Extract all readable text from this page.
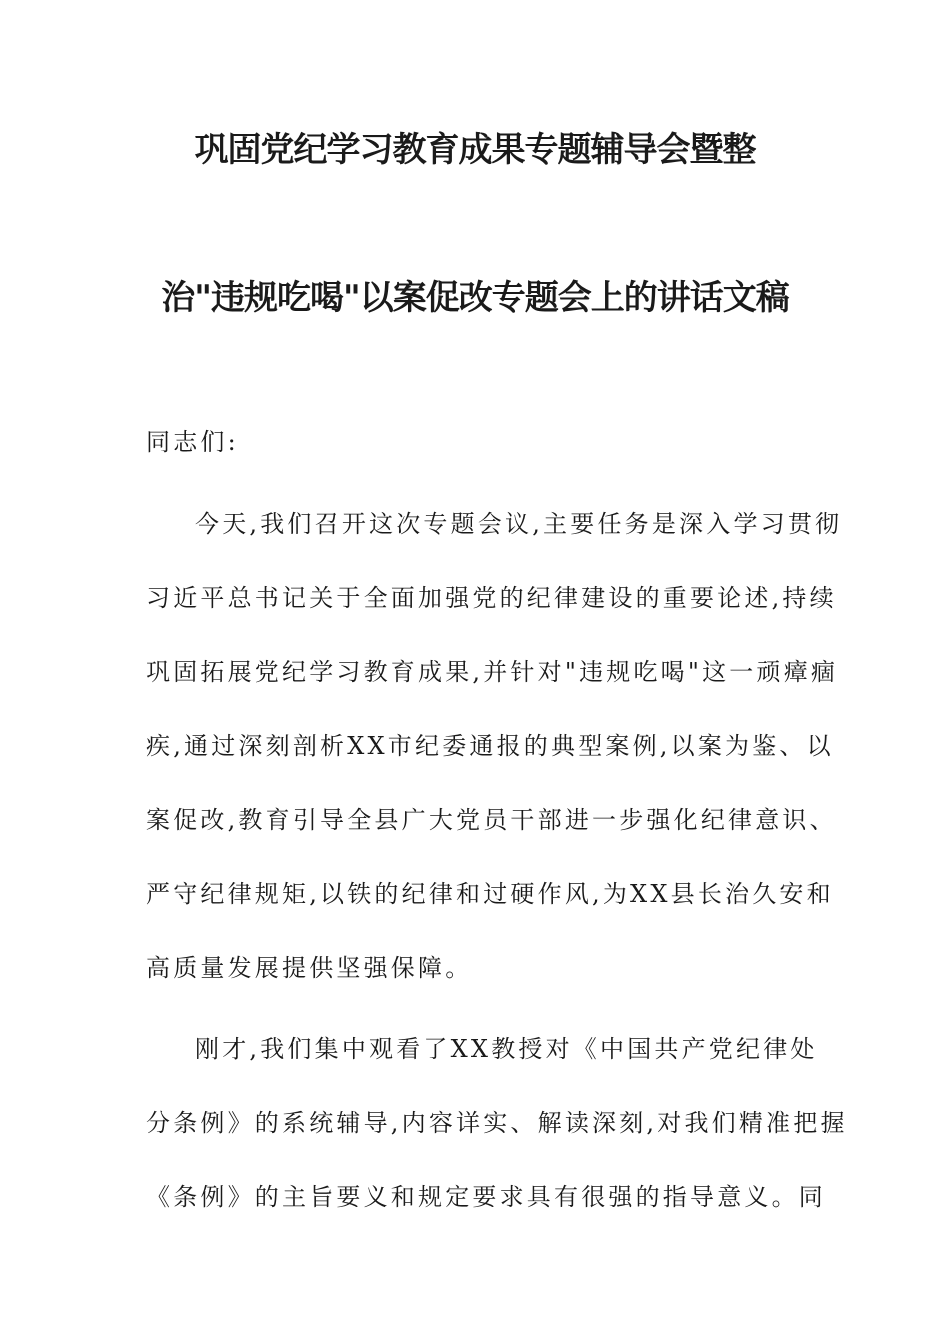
巩固党纪学习教育成果专题辅导会暨整
治"违规吃喝"以案促改专题会上的讲话文稿

同志们:

今天,我们召开这次专题会议,主要任务是深入学习贯彻

习近平总书记关于全面加强党的纪律建设的重要论述,持续

巩固拓展党纪学习教育成果,并针对"违规吃喝"这一顽瘴痼

疾,通过深刻剖析XX市纪委通报的典型案例,以案为鉴、以

案促改,教育引导全县广大党员干部进一步强化纪律意识、

严守纪律规矩,以铁的纪律和过硬作风,为XX县长治久安和

高质量发展提供坚强保障。

刚才,我们集中观看了XX教授对《中国共产党纪律处

分条例》的系统辅导,内容详实、解读深刻,对我们精准把握

《条例》的主旨要义和规定要求具有很强的指导意义。同
